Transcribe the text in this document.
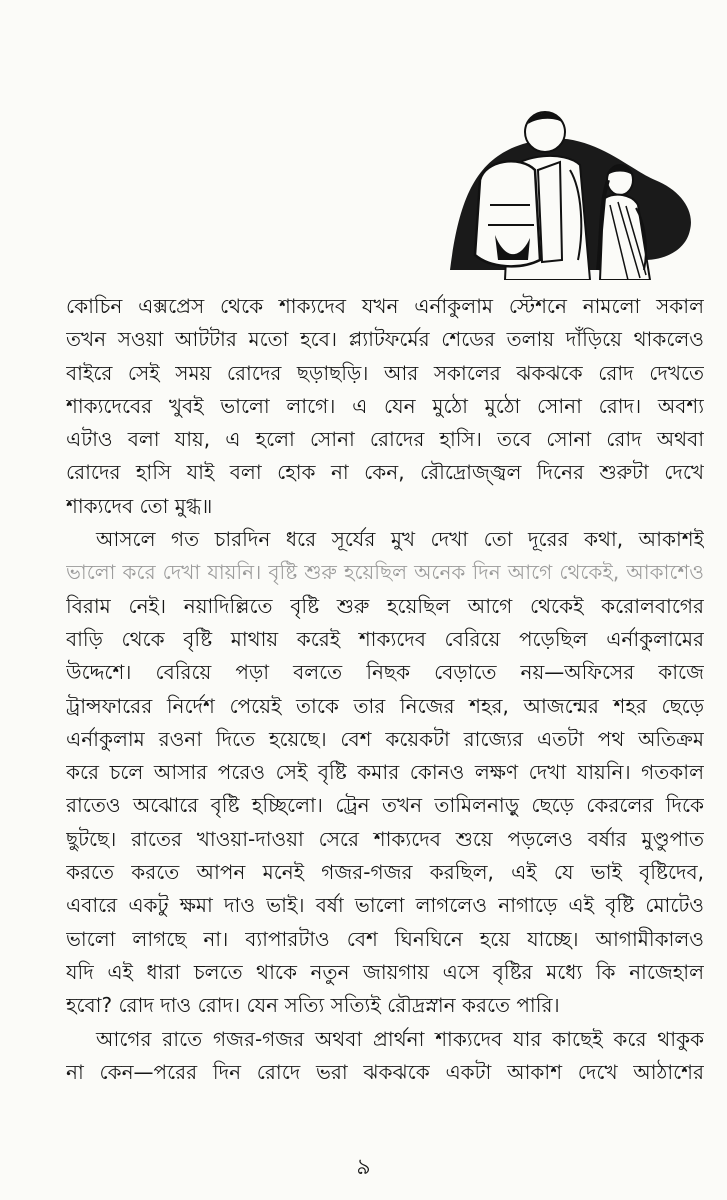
কোচিন এক্সপ্রেস থেকে শাক্যদেব যখন এর্নাকুলাম স্টেশনে নামলো সকাল
তখন সওয়া আটটার মতো হবে। প্ল্যাটফর্মের শেডের তলায় দাঁড়িয়ে থাকলেও
বাইরে সেই সময় রোদের ছড়াছড়ি। আর সকালের ঝকঝকে রোদ দেখতে
শাক্যদেবের খুবই ভালো লাগে। এ যেন মুঠো মুঠো সোনা রোদ। অবশ্য
এটাও বলা যায়, এ হলো সোনা রোদের হাসি। তবে সোনা রোদ অথবা
রোদের হাসি যাই বলা হোক না কেন, রৌদ্রোজ্জ্বল দিনের শুরুটা দেখে
শাক্যদেব তো মুগ্ধ॥
আসলে গত চারদিন ধরে সূর্যের মুখ দেখা তো দূরের কথা, আকাশই
ভালো করে দেখা যায়নি। বৃষ্টি শুরু হয়েছিল অনেক দিন আগে থেকেই, আকাশেও
বিরাম নেই। নয়াদিল্লিতে বৃষ্টি শুরু হয়েছিল আগে থেকেই করোলবাগের
বাড়ি থেকে বৃষ্টি মাথায় করেই শাক্যদেব বেরিয়ে পড়েছিল এর্নাকুলামের
উদ্দেশে। বেরিয়ে পড়া বলতে নিছক বেড়াতে নয়—অফিসের কাজে
ট্রান্সফারের নির্দেশ পেয়েই তাকে তার নিজের শহর, আজন্মের শহর ছেড়ে
এর্নাকুলাম রওনা দিতে হয়েছে। বেশ কয়েকটা রাজ্যের এতটা পথ অতিক্রম
করে চলে আসার পরেও সেই বৃষ্টি কমার কোনও লক্ষণ দেখা যায়নি। গতকাল
রাতেও অঝোরে বৃষ্টি হচ্ছিলো। ট্রেন তখন তামিলনাড়ু ছেড়ে কেরলের দিকে
ছুটছে। রাতের খাওয়া-দাওয়া সেরে শাক্যদেব শুয়ে পড়লেও বর্ষার মুণ্ডুপাত
করতে করতে আপন মনেই গজর-গজর করছিল, এই যে ভাই বৃষ্টিদেব,
এবারে একটু ক্ষমা দাও ভাই। বর্ষা ভালো লাগলেও নাগাড়ে এই বৃষ্টি মোটেও
ভালো লাগছে না। ব্যাপারটাও বেশ ঘিনঘিনে হয়ে যাচ্ছে। আগামীকালও
যদি এই ধারা চলতে থাকে নতুন জায়গায় এসে বৃষ্টির মধ্যে কি নাজেহাল
হবো? রোদ দাও রোদ। যেন সত্যি সত্যিই রৌদ্রস্নান করতে পারি।
আগের রাতে গজর-গজর অথবা প্রার্থনা শাক্যদেব যার কাছেই করে থাকুক
না কেন—পরের দিন রোদে ভরা ঝকঝকে একটা আকাশ দেখে আঠাশের
৯
